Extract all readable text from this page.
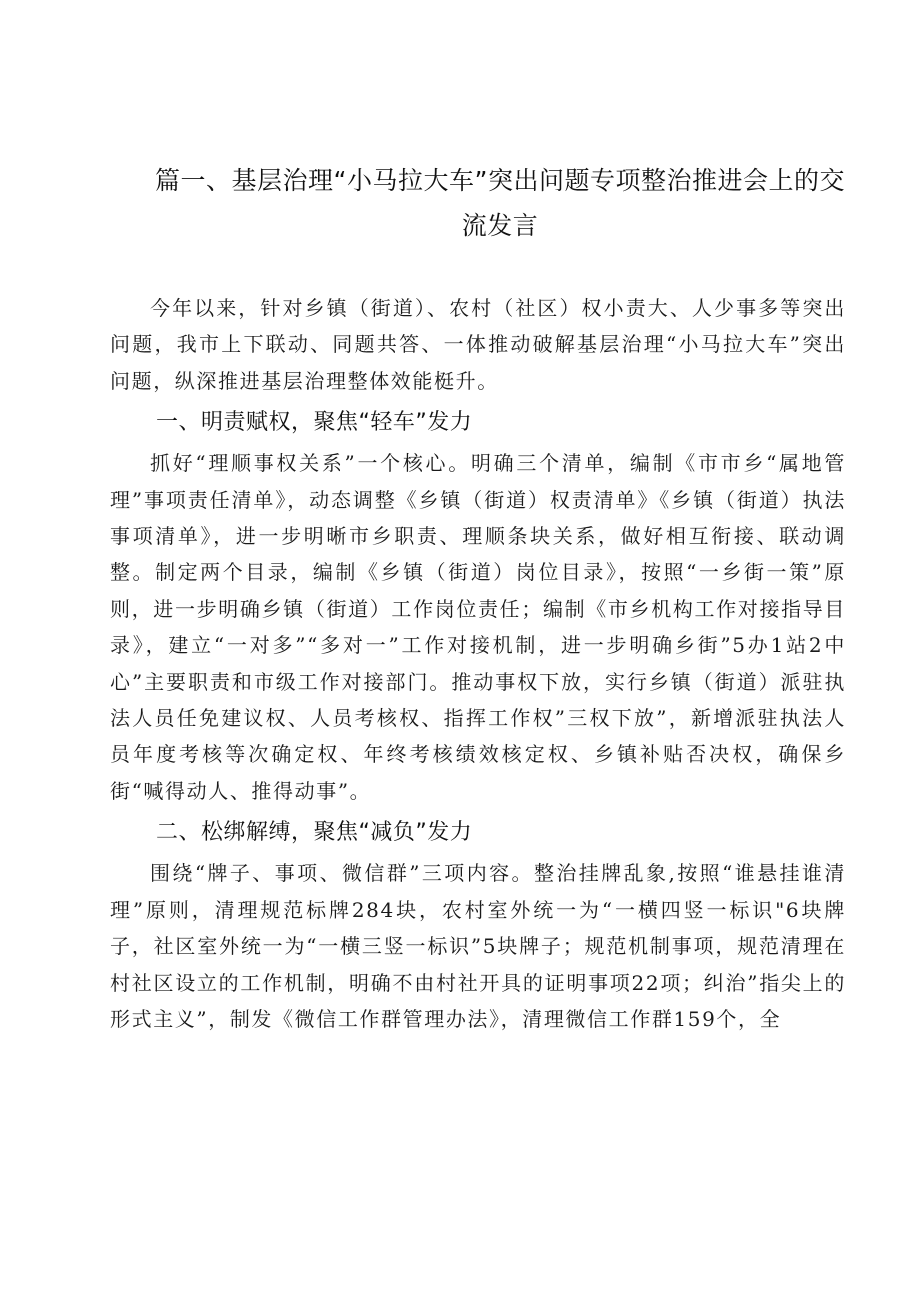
篇一、基层治理“小马拉大车”突出问题专项整治推进会上的交流发言

今年以来，针对乡镇（街道）、农村（社区）权小责大、人少事多等突出问题，我市上下联动、同题共答、一体推动破解基层治理“小马拉大车”突出问题，纵深推进基层治理整体效能梃升。

一、明责赋权，聚焦“轻车”发力

抓好“理顺事权关系”一个核心。明确三个清单，编制《市市乡“属地管理”事项责任清单》，动态调整《乡镇（街道）权责清单》《乡镇（街道）执法事项清单》，进一步明晰市乡职责、理顺条块关系，做好相互衔接、联动调整。制定两个目录，编制《乡镇（街道）岗位目录》，按照“一乡街一策”原则，进一步明确乡镇（街道）工作岗位责任；编制《市乡机构工作对接指导目录》，建立“一对多”“多对一”工作对接机制，进一步明确乡街”5办1站2中心”主要职责和市级工作对接部门。推动事权下放，实行乡镇（街道）派驻执法人员任免建议权、人员考核权、指挥工作权”三权下放”，新增派驻执法人员年度考核等次确定权、年终考核绩效核定权、乡镇补贴否决权，确保乡街“喊得动人、推得动事”。

二、松绑解缚，聚焦“减负”发力

围绕“牌子、事项、微信群”三项内容。整治挂牌乱象,按照“谁悬挂谁清理”原则，清理规范标牌284块，农村室外统一为“一横四竖一标识"6块牌子，社区室外统一为“一横三竖一标识”5块牌子；规范机制事项，规范清理在村社区设立的工作机制，明确不由村社开具的证明事项22项；纠治”指尖上的形式主义”，制发《微信工作群管理办法》，清理微信工作群159个，全
